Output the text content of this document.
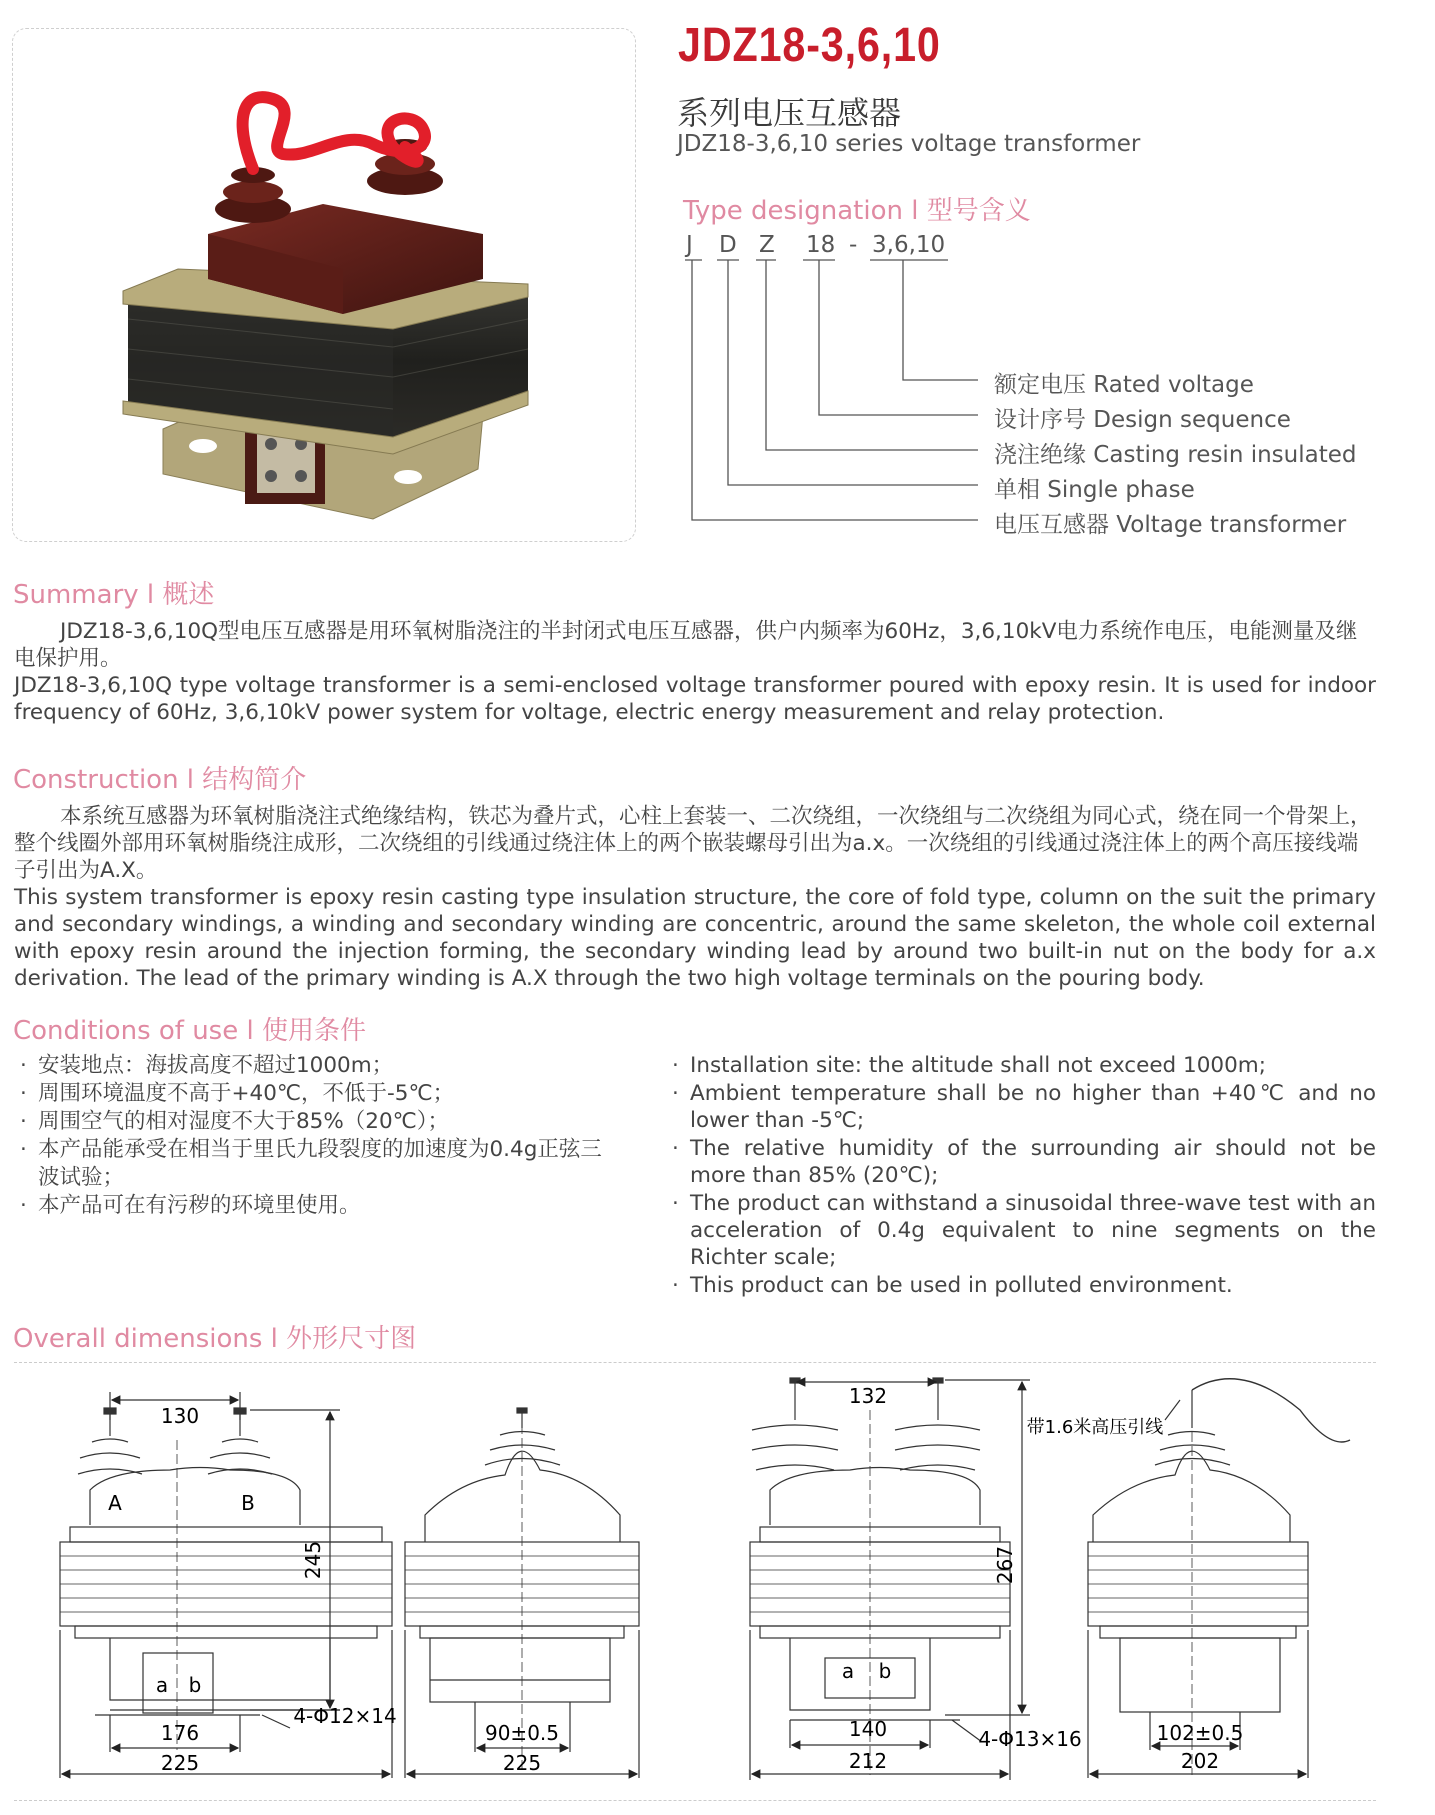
JDZ18-3,6,10
系列电压互感器
JDZ18-3,6,10 series voltage transformer
Type designation l 型号含义
J D Z 18 - 3,6,10
额定电压 Rated voltage
设计序号 Design sequence
浇注绝缘 Casting resin insulated
单相 Single phase
电压互感器 Voltage transformer
Summary l 概述

JDZ18-3,6,10Q型电压互感器是用环氧树脂浇注的半封闭式电压互感器，供户内频率为60Hz，3,6,10kV电力系统作电压，电能测量及继电保护用。

JDZ18-3,6,10Q type voltage transformer is a semi-enclosed voltage transformer poured with epoxy resin. It is used for indoor frequency of 60Hz, 3,6,10kV power system for voltage, electric energy measurement and relay protection.

Construction l 结构简介

本系统互感器为环氧树脂浇注式绝缘结构，铁芯为叠片式，心柱上套装一、二次绕组，一次绕组与二次绕组为同心式，绕在同一个骨架上，整个线圈外部用环氧树脂绕注成形，二次绕组的引线通过绕注体上的两个嵌装螺母引出为a.x。一次绕组的引线通过浇注体上的两个高压接线端子引出为A.X。

This system transformer is epoxy resin casting type insulation structure, the core of fold type, column on the suit the primary and secondary windings, a winding and secondary winding are concentric, around the same skeleton, the whole coil external with epoxy resin around the injection forming, the secondary winding lead by around two built-in nut on the body for a.x derivation. The lead of the primary winding is A.X through the two high voltage terminals on the pouring body.

Conditions of use l 使用条件
· 安装地点：海拔高度不超过1000m；
· 周围环境温度不高于+40℃，不低于-5℃；
· 周围空气的相对湿度不大于85%（20℃）；
· 本产品能承受在相当于里氏九段裂度的加速度为0.4g正弦三波试验；
· 本产品可在有污秽的环境里使用。
· Installation site: the altitude shall not exceed 1000m;
· Ambient temperature shall be no higher than +40℃ and no lower than -5℃;
· The relative humidity of the surrounding air should not be more than 85% (20℃);
· The product can withstand a sinusoidal three-wave test with an acceleration of 0.4g equivalent to nine segments on the Richter scale;
· This product can be used in polluted environment.
Overall dimensions l 外形尺寸图
130
A	B
245
a b
176
225
4-Φ12×14
90±0.5
225
132
267
a b
140
212
4-Φ13×16	102±0.5
202
带1.6米高压引线
